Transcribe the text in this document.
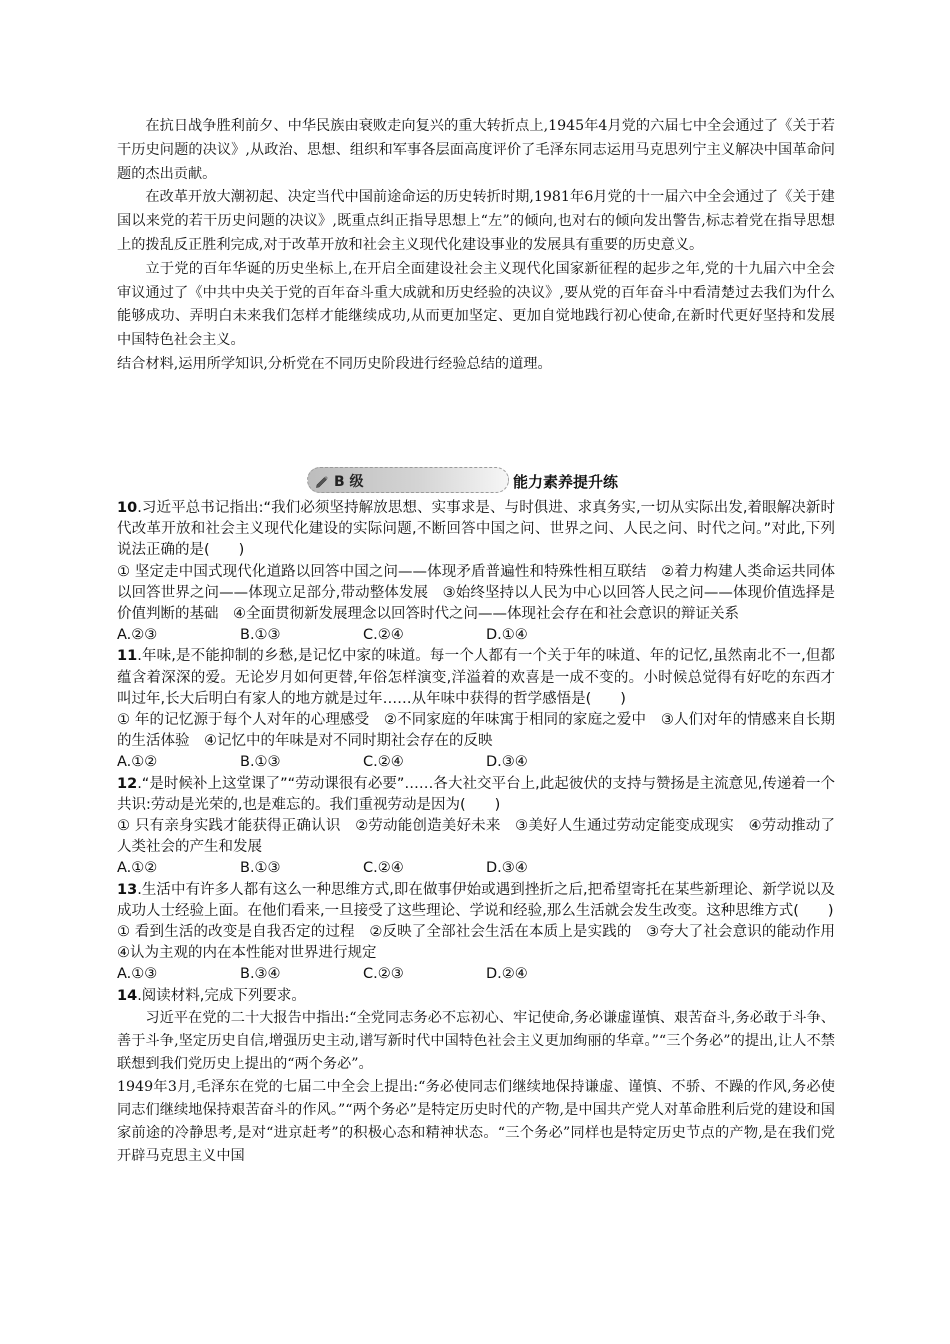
在抗日战争胜利前夕、中华民族由衰败走向复兴的重大转折点上,1945年4月党的六届七中全会通过了《关于若干历史问题的决议》,从政治、思想、组织和军事各层面高度评价了毛泽东同志运用马克思列宁主义解决中国革命问题的杰出贡献。

在改革开放大潮初起、决定当代中国前途命运的历史转折时期,1981年6月党的十一届六中全会通过了《关于建国以来党的若干历史问题的决议》,既重点纠正指导思想上“左”的倾向,也对右的倾向发出警告,标志着党在指导思想上的拨乱反正胜利完成,对于改革开放和社会主义现代化建设事业的发展具有重要的历史意义。

立于党的百年华诞的历史坐标上,在开启全面建设社会主义现代化国家新征程的起步之年,党的十九届六中全会审议通过了《中共中央关于党的百年奋斗重大成就和历史经验的决议》,要从党的百年奋斗中看清楚过去我们为什么能够成功、弄明白未来我们怎样才能继续成功,从而更加坚定、更加自觉地践行初心使命,在新时代更好坚持和发展中国特色社会主义。

结合材料,运用所学知识,分析党在不同历史阶段进行经验总结的道理。

B 级	能力素养提升练

10.习近平总书记指出:“我们必须坚持解放思想、实事求是、与时俱进、求真务实,一切从实际出发,着眼解决新时代改革开放和社会主义现代化建设的实际问题,不断回答中国之问、世界之问、人民之问、时代之问。”对此,下列说法正确的是(　　)

① 坚定走中国式现代化道路以回答中国之问——体现矛盾普遍性和特殊性相互联结　②着力构建人类命运共同体以回答世界之问——体现立足部分,带动整体发展　③始终坚持以人民为中心以回答人民之问——体现价值选择是价值判断的基础　④全面贯彻新发展理念以回答时代之问——体现社会存在和社会意识的辩证关系

A.②③	B.①③	C.②④	D.①④

11.年味,是不能抑制的乡愁,是记忆中家的味道。每一个人都有一个关于年的味道、年的记忆,虽然南北不一,但都蕴含着深深的爱。无论岁月如何更替,年俗怎样演变,洋溢着的欢喜是一成不变的。小时候总觉得有好吃的东西才叫过年,长大后明白有家人的地方就是过年……从年味中获得的哲学感悟是(　　)

① 年的记忆源于每个人对年的心理感受　②不同家庭的年味寓于相同的家庭之爱中　③人们对年的情感来自长期的生活体验　④记忆中的年味是对不同时期社会存在的反映

A.①②	B.①③	C.②④	D.③④

12.“是时候补上这堂课了”“劳动课很有必要”……各大社交平台上,此起彼伏的支持与赞扬是主流意见,传递着一个共识:劳动是光荣的,也是难忘的。我们重视劳动是因为(　　)

① 只有亲身实践才能获得正确认识　②劳动能创造美好未来　③美好人生通过劳动定能变成现实　④劳动推动了人类社会的产生和发展

A.①②	B.①③	C.②④	D.③④

13.生活中有许多人都有这么一种思维方式,即在做事伊始或遇到挫折之后,把希望寄托在某些新理论、新学说以及成功人士经验上面。在他们看来,一旦接受了这些理论、学说和经验,那么生活就会发生改变。这种思维方式(　　)

① 看到生活的改变是自我否定的过程　②反映了全部社会生活在本质上是实践的　③夸大了社会意识的能动作用　④认为主观的内在本性能对世界进行规定

A.①③	B.③④	C.②③	D.②④

14.阅读材料,完成下列要求。

习近平在党的二十大报告中指出:“全党同志务必不忘初心、牢记使命,务必谦虚谨慎、艰苦奋斗,务必敢于斗争、善于斗争,坚定历史自信,增强历史主动,谱写新时代中国特色社会主义更加绚丽的华章。”“三个务必”的提出,让人不禁联想到我们党历史上提出的“两个务必”。

1949年3月,毛泽东在党的七届二中全会上提出:“务必使同志们继续地保持谦虚、谨慎、不骄、不躁的作风,务必使同志们继续地保持艰苦奋斗的作风。”“两个务必”是特定历史时代的产物,是中国共产党人对革命胜利后党的建设和国家前途的冷静思考,是对“进京赶考”的积极心态和精神状态。“三个务必”同样也是特定历史节点的产物,是在我们党开辟马克思主义中国
